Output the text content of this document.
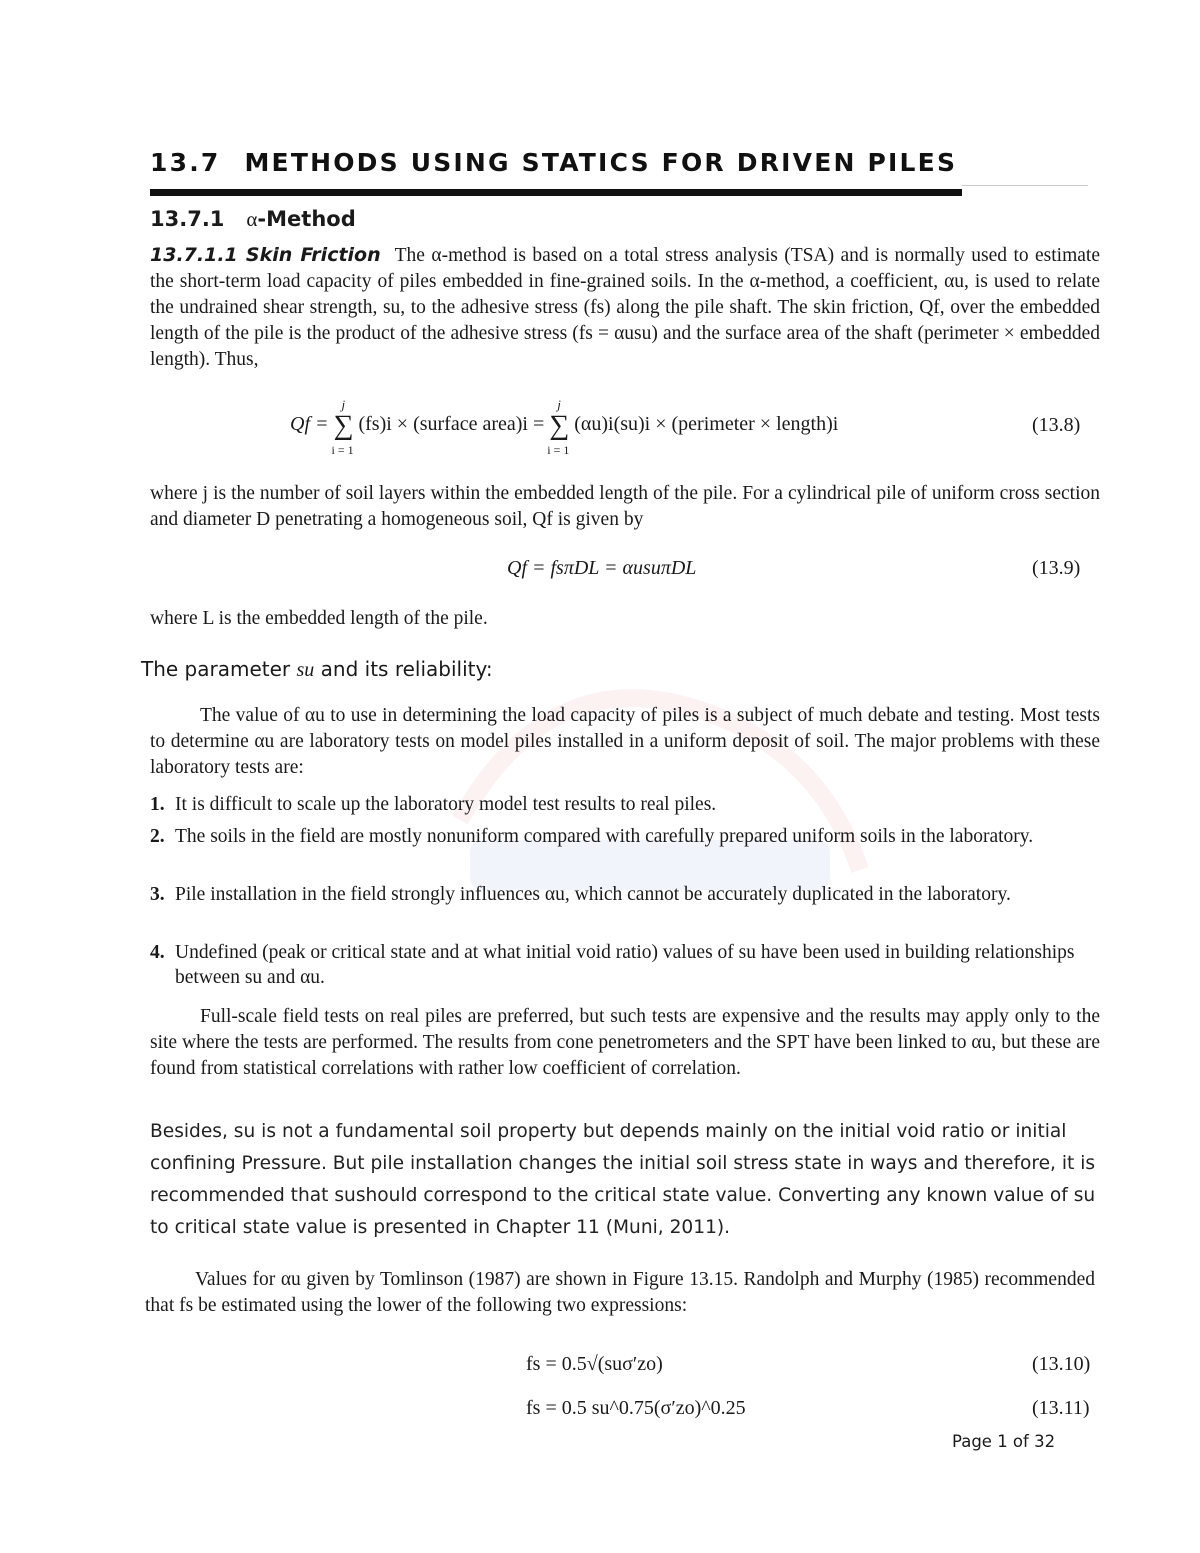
13.7 METHODS USING STATICS FOR DRIVEN PILES
13.7.1 α-Method
13.7.1.1 Skin Friction The α-method is based on a total stress analysis (TSA) and is normally used to estimate the short-term load capacity of piles embedded in fine-grained soils. In the α-method, a coefficient, αu, is used to relate the undrained shear strength, su, to the adhesive stress (fs) along the pile shaft. The skin friction, Qf, over the embedded length of the pile is the product of the adhesive stress (fs = αusu) and the surface area of the shaft (perimeter × embedded length). Thus,
Qf = ∑
j
i = 1
(fs)i × (surface area)i = ∑
j
i = 1
(αu)i(su)i × (perimeter × length)i	(13.8)
where j is the number of soil layers within the embedded length of the pile. For a cylindrical pile of uniform cross section and diameter D penetrating a homogeneous soil, Qf is given by
Qf = fsπDL = αusuπDL	(13.9)
where L is the embedded length of the pile.
The parameter su and its reliability:
The value of αu to use in determining the load capacity of piles is a subject of much debate and testing. Most tests to determine αu are laboratory tests on model piles installed in a uniform deposit of soil. The major problems with these laboratory tests are:
1. It is difficult to scale up the laboratory model test results to real piles.
2. The soils in the field are mostly nonuniform compared with carefully prepared uniform soils in the laboratory.
3. Pile installation in the field strongly influences αu, which cannot be accurately duplicated in the laboratory.
4. Undefined (peak or critical state and at what initial void ratio) values of su have been used in building relationships between su and αu.
Full-scale field tests on real piles are preferred, but such tests are expensive and the results may apply only to the site where the tests are performed. The results from cone penetrometers and the SPT have been linked to αu, but these are found from statistical correlations with rather low coefficient of correlation.
Besides, su is not a fundamental soil property but depends mainly on the initial void ratio or initial confining Pressure. But pile installation changes the initial soil stress state in ways and therefore, it is recommended that sushould correspond to the critical state value. Converting any known value of su to critical state value is presented in Chapter 11 (Muni, 2011).
Values for αu given by Tomlinson (1987) are shown in Figure 13.15. Randolph and Murphy (1985) recommended that fs be estimated using the lower of the following two expressions:
fs = 0.5√(suσ′zo)	(13.10)
fs = 0.5 su^0.75(σ′zo)^0.25	(13.11)
Page 1 of 32
